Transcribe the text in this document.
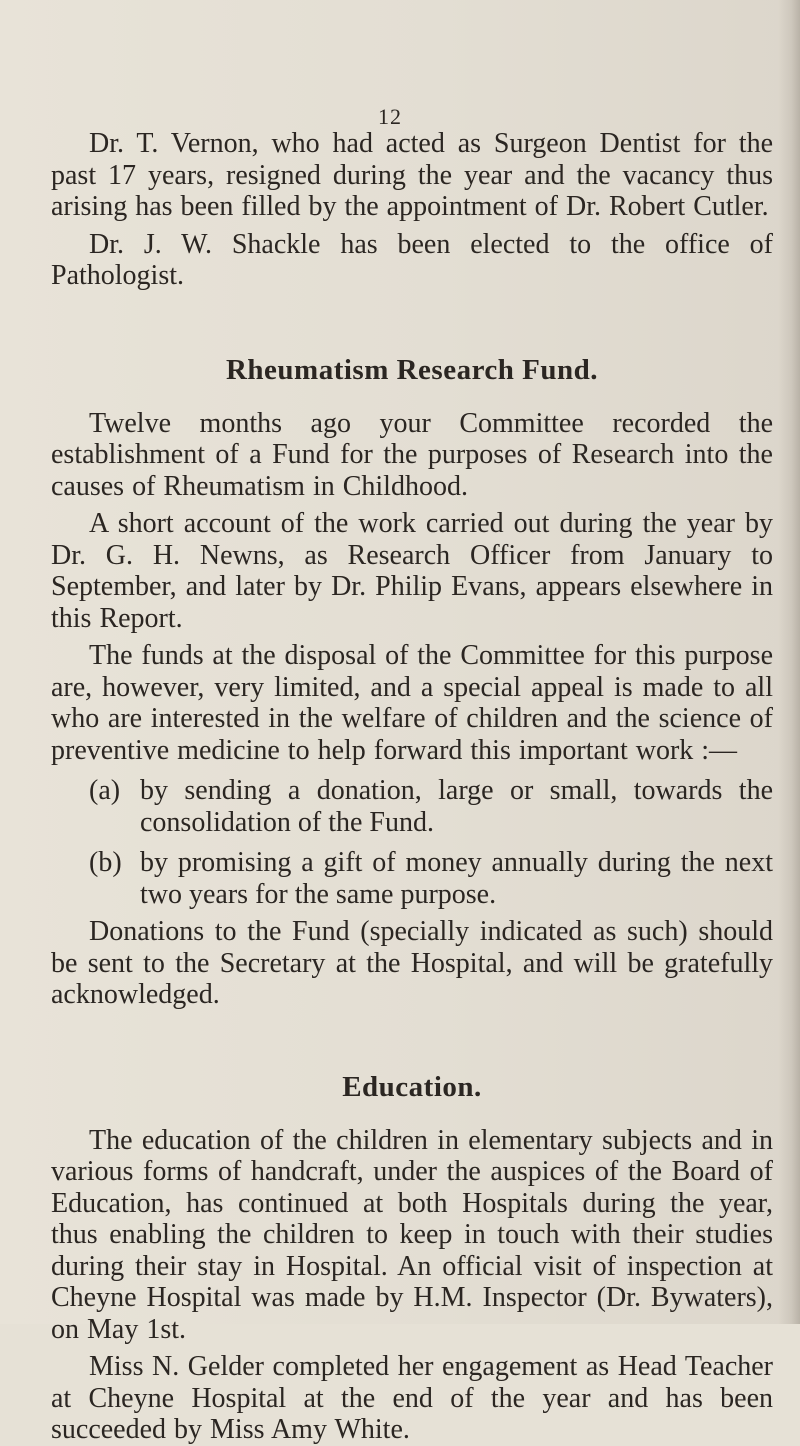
12

Dr. T. Vernon, who had acted as Surgeon Dentist for the past 17 years, resigned during the year and the vacancy thus arising has been filled by the appointment of Dr. Robert Cutler.

Dr. J. W. Shackle has been elected to the office of Pathologist.

Rheumatism Research Fund.

Twelve months ago your Committee recorded the establishment of a Fund for the purposes of Research into the causes of Rheumatism in Childhood.

A short account of the work carried out during the year by Dr. G. H. Newns, as Research Officer from January to September, and later by Dr. Philip Evans, appears elsewhere in this Report.

The funds at the disposal of the Committee for this purpose are, however, very limited, and a special appeal is made to all who are interested in the welfare of children and the science of preventive medicine to help forward this important work :—

(a) by sending a donation, large or small, towards the consolidation of the Fund.
(b) by promising a gift of money annually during the next two years for the same purpose.

Donations to the Fund (specially indicated as such) should be sent to the Secretary at the Hospital, and will be gratefully acknowledged.

Education.

The education of the children in elementary subjects and in various forms of handcraft, under the auspices of the Board of Education, has continued at both Hospitals during the year, thus enabling the children to keep in touch with their studies during their stay in Hospital. An official visit of inspection at Cheyne Hospital was made by H.M. Inspector (Dr. Bywaters), on May 1st.

Miss N. Gelder completed her engagement as Head Teacher at Cheyne Hospital at the end of the year and has been succeeded by Miss Amy White.
